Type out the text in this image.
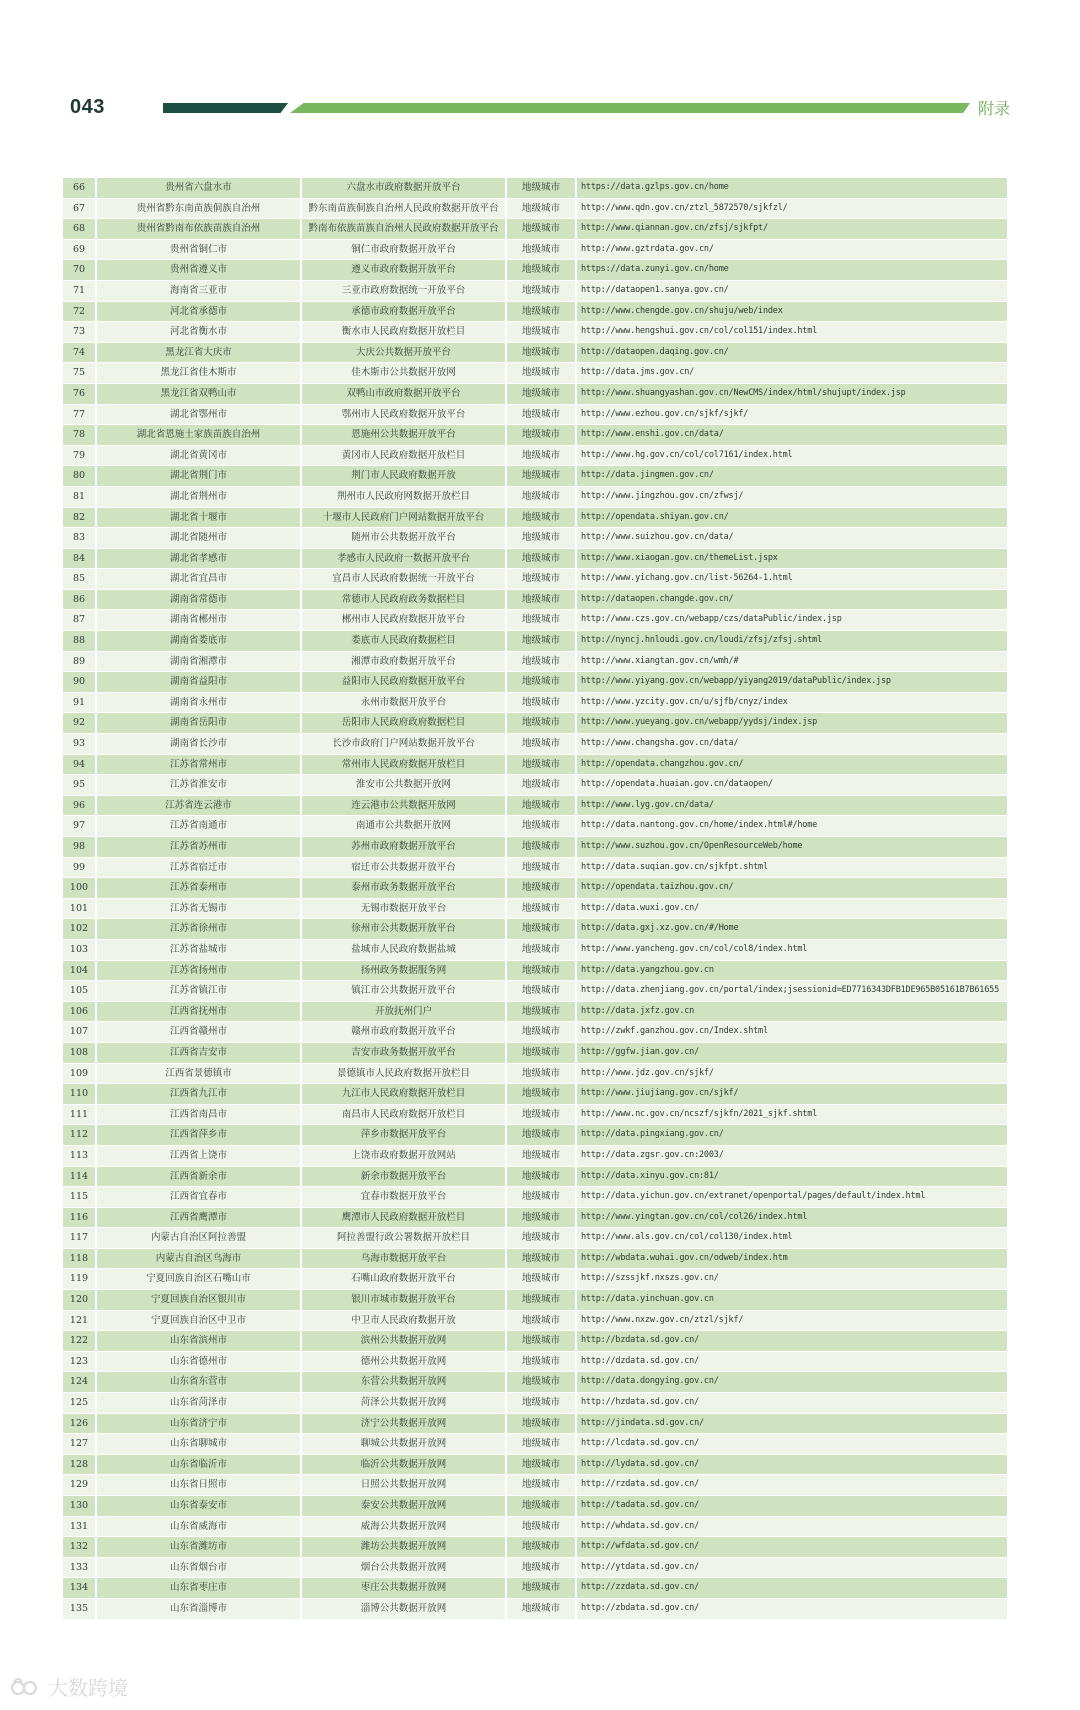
043	附录
66	贵州省六盘水市	六盘水市政府数据开放平台	地级城市	https://data.gzlps.gov.cn/home
67	贵州省黔东南苗族侗族自治州	黔东南苗族侗族自治州人民政府数据开放平台	地级城市	http://www.qdn.gov.cn/ztzl_5872570/sjkfzl/
68	贵州省黔南布依族苗族自治州	黔南布依族苗族自治州人民政府数据开放平台	地级城市	http://www.qiannan.gov.cn/zfsj/sjkfpt/
69	贵州省铜仁市	铜仁市政府数据开放平台	地级城市	http://www.gztrdata.gov.cn/
70	贵州省遵义市	遵义市政府数据开放平台	地级城市	https://data.zunyi.gov.cn/home
71	海南省三亚市	三亚市政府数据统一开放平台	地级城市	http://dataopen1.sanya.gov.cn/
72	河北省承德市	承德市政府数据开放平台	地级城市	http://www.chengde.gov.cn/shuju/web/index
73	河北省衡水市	衡水市人民政府数据开放栏目	地级城市	http://www.hengshui.gov.cn/col/col151/index.html
74	黑龙江省大庆市	大庆公共数据开放平台	地级城市	http://dataopen.daqing.gov.cn/
75	黑龙江省佳木斯市	佳木斯市公共数据开放网	地级城市	http://data.jms.gov.cn/
76	黑龙江省双鸭山市	双鸭山市政府数据开放平台	地级城市	http://www.shuangyashan.gov.cn/NewCMS/index/html/shujupt/index.jsp
77	湖北省鄂州市	鄂州市人民政府数据开放平台	地级城市	http://www.ezhou.gov.cn/sjkf/sjkf/
78	湖北省恩施土家族苗族自治州	恩施州公共数据开放平台	地级城市	http://www.enshi.gov.cn/data/
79	湖北省黄冈市	黄冈市人民政府数据开放栏目	地级城市	http://www.hg.gov.cn/col/col7161/index.html
80	湖北省荆门市	荆门市人民政府数据开放	地级城市	http://data.jingmen.gov.cn/
81	湖北省荆州市	荆州市人民政府网数据开放栏目	地级城市	http://www.jingzhou.gov.cn/zfwsj/
82	湖北省十堰市	十堰市人民政府门户网站数据开放平台	地级城市	http://opendata.shiyan.gov.cn/
83	湖北省随州市	随州市公共数据开放平台	地级城市	http://www.suizhou.gov.cn/data/
84	湖北省孝感市	孝感市人民政府一数据开放平台	地级城市	http://www.xiaogan.gov.cn/themeList.jspx
85	湖北省宜昌市	宜昌市人民政府数据统一开放平台	地级城市	http://www.yichang.gov.cn/list-56264-1.html
86	湖南省常德市	常德市人民政府政务数据栏目	地级城市	http://dataopen.changde.gov.cn/
87	湖南省郴州市	郴州市人民政府数据开放平台	地级城市	http://www.czs.gov.cn/webapp/czs/dataPublic/index.jsp
88	湖南省娄底市	娄底市人民政府数据栏目	地级城市	http://nyncj.hnloudi.gov.cn/loudi/zfsj/zfsj.shtml
89	湖南省湘潭市	湘潭市政府数据开放平台	地级城市	http://www.xiangtan.gov.cn/wmh/#
90	湖南省益阳市	益阳市人民政府数据开放平台	地级城市	http://www.yiyang.gov.cn/webapp/yiyang2019/dataPublic/index.jsp
91	湖南省永州市	永州市数据开放平台	地级城市	http://www.yzcity.gov.cn/u/sjfb/cnyz/index
92	湖南省岳阳市	岳阳市人民政府政府数据栏目	地级城市	http://www.yueyang.gov.cn/webapp/yydsj/index.jsp
93	湖南省长沙市	长沙市政府门户网站数据开放平台	地级城市	http://www.changsha.gov.cn/data/
94	江苏省常州市	常州市人民政府数据开放栏目	地级城市	http://opendata.changzhou.gov.cn/
95	江苏省淮安市	淮安市公共数据开放网	地级城市	http://opendata.huaian.gov.cn/dataopen/
96	江苏省连云港市	连云港市公共数据开放网	地级城市	http://www.lyg.gov.cn/data/
97	江苏省南通市	南通市公共数据开放网	地级城市	http://data.nantong.gov.cn/home/index.html#/home
98	江苏省苏州市	苏州市政府数据开放平台	地级城市	http://www.suzhou.gov.cn/OpenResourceWeb/home
99	江苏省宿迁市	宿迁市公共数据开放平台	地级城市	http://data.suqian.gov.cn/sjkfpt.shtml
100	江苏省泰州市	泰州市政务数据开放平台	地级城市	http://opendata.taizhou.gov.cn/
101	江苏省无锡市	无锡市数据开放平台	地级城市	http://data.wuxi.gov.cn/
102	江苏省徐州市	徐州市公共数据开放平台	地级城市	http://data.gxj.xz.gov.cn/#/Home
103	江苏省盐城市	盐城市人民政府数据盐城	地级城市	http://www.yancheng.gov.cn/col/col8/index.html
104	江苏省扬州市	扬州政务数据服务网	地级城市	http://data.yangzhou.gov.cn
105	江苏省镇江市	镇江市公共数据开放平台	地级城市	http://data.zhenjiang.gov.cn/portal/index;jsessionid=ED7716343DFB1DE965B05161B7B61655
106	江西省抚州市	开放抚州门户	地级城市	http://data.jxfz.gov.cn
107	江西省赣州市	赣州市政府数据开放平台	地级城市	http://zwkf.ganzhou.gov.cn/Index.shtml
108	江西省吉安市	吉安市政务数据开放平台	地级城市	http://ggfw.jian.gov.cn/
109	江西省景德镇市	景德镇市人民政府数据开放栏目	地级城市	http://www.jdz.gov.cn/sjkf/
110	江西省九江市	九江市人民政府数据开放栏目	地级城市	http://www.jiujiang.gov.cn/sjkf/
111	江西省南昌市	南昌市人民政府数据开放栏目	地级城市	http://www.nc.gov.cn/ncszf/sjkfn/2021_sjkf.shtml
112	江西省萍乡市	萍乡市数据开放平台	地级城市	http://data.pingxiang.gov.cn/
113	江西省上饶市	上饶市政府数据开放网站	地级城市	http://data.zgsr.gov.cn:2003/
114	江西省新余市	新余市数据开放平台	地级城市	http://data.xinyu.gov.cn:81/
115	江西省宜春市	宜春市数据开放平台	地级城市	http://data.yichun.gov.cn/extranet/openportal/pages/default/index.html
116	江西省鹰潭市	鹰潭市人民政府数据开放栏目	地级城市	http://www.yingtan.gov.cn/col/col26/index.html
117	内蒙古自治区阿拉善盟	阿拉善盟行政公署数据开放栏目	地级城市	http://www.als.gov.cn/col/col130/index.html
118	内蒙古自治区乌海市	乌海市数据开放平台	地级城市	http://wbdata.wuhai.gov.cn/odweb/index.htm
119	宁夏回族自治区石嘴山市	石嘴山政府数据开放平台	地级城市	http://szssjkf.nxszs.gov.cn/
120	宁夏回族自治区银川市	银川市城市数据开放平台	地级城市	http://data.yinchuan.gov.cn
121	宁夏回族自治区中卫市	中卫市人民政府数据开放	地级城市	http://www.nxzw.gov.cn/ztzl/sjkf/
122	山东省滨州市	滨州公共数据开放网	地级城市	http://bzdata.sd.gov.cn/
123	山东省德州市	德州公共数据开放网	地级城市	http://dzdata.sd.gov.cn/
124	山东省东营市	东营公共数据开放网	地级城市	http://data.dongying.gov.cn/
125	山东省菏泽市	菏泽公共数据开放网	地级城市	http://hzdata.sd.gov.cn/
126	山东省济宁市	济宁公共数据开放网	地级城市	http://jindata.sd.gov.cn/
127	山东省聊城市	聊城公共数据开放网	地级城市	http://lcdata.sd.gov.cn/
128	山东省临沂市	临沂公共数据开放网	地级城市	http://lydata.sd.gov.cn/
129	山东省日照市	日照公共数据开放网	地级城市	http://rzdata.sd.gov.cn/
130	山东省泰安市	泰安公共数据开放网	地级城市	http://tadata.sd.gov.cn/
131	山东省威海市	威海公共数据开放网	地级城市	http://whdata.sd.gov.cn/
132	山东省潍坊市	潍坊公共数据开放网	地级城市	http://wfdata.sd.gov.cn/
133	山东省烟台市	烟台公共数据开放网	地级城市	http://ytdata.sd.gov.cn/
134	山东省枣庄市	枣庄公共数据开放网	地级城市	http://zzdata.sd.gov.cn/
135	山东省淄博市	淄博公共数据开放网	地级城市	http://zbdata.sd.gov.cn/
大数跨境
